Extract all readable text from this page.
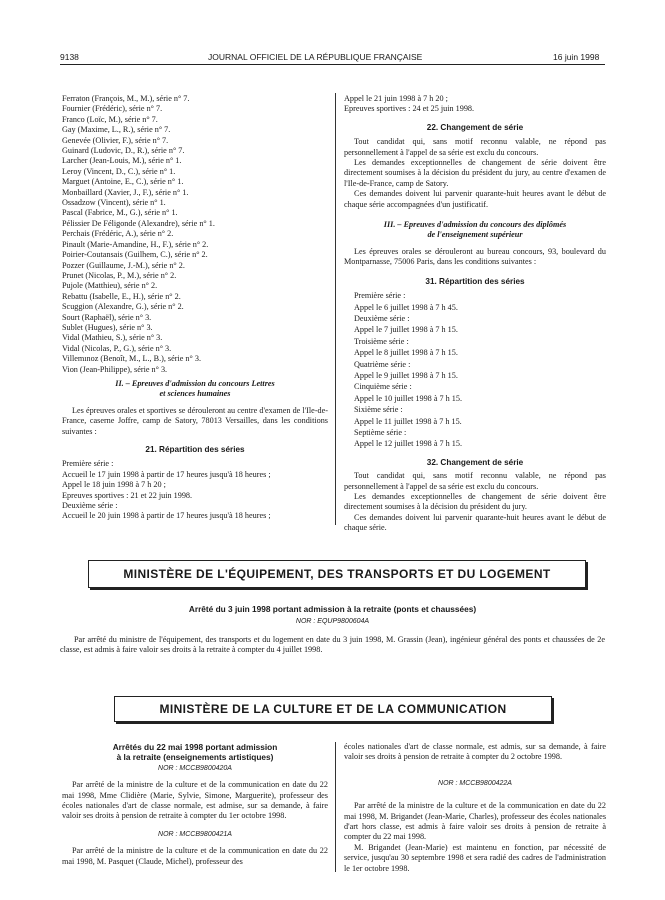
9138	JOURNAL OFFICIEL DE LA RÉPUBLIQUE FRANÇAISE	16 juin 1998

Ferraton (François, M., M.), série n° 7.

Fournier (Frédéric), série n° 7.

Franco (Loïc, M.), série n° 7.

Gay (Maxime, L., R.), série n° 7.

Genevée (Olivier, F.), série n° 7.

Guinard (Ludovic, D., R.), série n° 7.

Larcher (Jean-Louis, M.), série n° 1.

Leroy (Vincent, D., C.), série n° 1.

Marguet (Antoine, E., C.), série n° 1.

Monbaillard (Xavier, J., F.), série n° 1.

Ossadzow (Vincent), série n° 1.

Pascal (Fabrice, M., G.), série n° 1.

Pélissier De Féligonde (Alexandre), série n° 1.

Perchais (Frédéric, A.), série n° 2.

Pinault (Marie-Amandine, H., F.), série n° 2.

Poirier-Coutansais (Guilhem, C.), série n° 2.

Pozzer (Guillaume, J.-M.), série n° 2.

Prunet (Nicolas, P., M.), série n° 2.

Pujole (Matthieu), série n° 2.

Rebattu (Isabelle, E., H.), série n° 2.

Scuggion (Alexandre, G.), série n° 2.

Sourt (Raphaël), série n° 3.

Sublet (Hugues), série n° 3.

Vidal (Mathieu, S.), série n° 3.

Vidal (Nicolas, P., G.), série n° 3.

Villemınoz (Benoît, M., L., B.), série n° 3.

Vion (Jean-Philippe), série n° 3.

II. – Epreuves d'admission du concours Lettres

et sciences humaines

Les épreuves orales et sportives se dérouleront au centre d'examen de l'Ile-de-France, caserne Joffre, camp de Satory, 78013 Versailles, dans les conditions suivantes :

21. Répartition des séries

Première série :

Accueil le 17 juin 1998 à partir de 17 heures jusqu'à 18 heures ;

Appel le 18 juin 1998 à 7 h 20 ;

Epreuves sportives : 21 et 22 juin 1998.

Deuxième série :

Accueil le 20 juin 1998 à partir de 17 heures jusqu'à 18 heures ;

Appel le 21 juin 1998 à 7 h 20 ;

Epreuves sportives : 24 et 25 juin 1998.

22. Changement de série

Tout candidat qui, sans motif reconnu valable, ne répond pas personnellement à l'appel de sa série est exclu du concours.

Les demandes exceptionnelles de changement de série doivent être directement soumises à la décision du président du jury, au centre d'examen de l'Ile-de-France, camp de Satory.

Ces demandes doivent lui parvenir quarante-huit heures avant le début de chaque série accompagnées d'un justificatif.

III. – Epreuves d'admission du concours des diplômés

de l'enseignement supérieur

Les épreuves orales se dérouleront au bureau concours, 93, boulevard du Montparnasse, 75006 Paris, dans les conditions suivantes :

31. Répartition des séries

Première série :

Appel le 6 juillet 1998 à 7 h 45.

Deuxième série :

Appel le 7 juillet 1998 à 7 h 15.

Troisième série :

Appel le 8 juillet 1998 à 7 h 15.

Quatrième série :

Appel le 9 juillet 1998 à 7 h 15.

Cinquième série :

Appel le 10 juillet 1998 à 7 h 15.

Sixième série :

Appel le 11 juillet 1998 à 7 h 15.

Septième série :

Appel le 12 juillet 1998 à 7 h 15.

32. Changement de série

Tout candidat qui, sans motif reconnu valable, ne répond pas personnellement à l'appel de sa série est exclu du concours.

Les demandes exceptionnelles de changement de série doivent être directement soumises à la décision du président du jury.

Ces demandes doivent lui parvenir quarante-huit heures avant le début de chaque série.

MINISTÈRE DE L'ÉQUIPEMENT, DES TRANSPORTS ET DU LOGEMENT
Arrêté du 3 juin 1998 portant admission à la retraite (ponts et chaussées)
NOR : EQUP9800604A
Par arrêté du ministre de l'équipement, des transports et du logement en date du 3 juin 1998, M. Grassin (Jean), ingénieur général des ponts et chaussées de 2e classe, est admis à faire valoir ses droits à la retraite à compter du 4 juillet 1998.
MINISTÈRE DE LA CULTURE ET DE LA COMMUNICATION

Arrêtés du 22 mai 1998 portant admission

à la retraite (enseignements artistiques)

NOR : MCCB9800420A

Par arrêté de la ministre de la culture et de la communication en date du 22 mai 1998, Mme Clidière (Marie, Sylvie, Simone, Marguerite), professeur des écoles nationales d'art de classe normale, est admise, sur sa demande, à faire valoir ses droits à pension de retraite à compter du 1er octobre 1998.

NOR : MCCB9800421A

Par arrêté de la ministre de la culture et de la communication en date du 22 mai 1998, M. Pasquet (Claude, Michel), professeur des

écoles nationales d'art de classe normale, est admis, sur sa demande, à faire valoir ses droits à pension de retraite à compter du 2 octobre 1998.

NOR : MCCB9800422A

Par arrêté de la ministre de la culture et de la communication en date du 22 mai 1998, M. Brigandet (Jean-Marie, Charles), professeur des écoles nationales d'art hors classe, est admis à faire valoir ses droits à pension de retraite à compter du 22 mai 1998.

M. Brigandet (Jean-Marie) est maintenu en fonction, par nécessité de service, jusqu'au 30 septembre 1998 et sera radié des cadres de l'administration le 1er octobre 1998.
